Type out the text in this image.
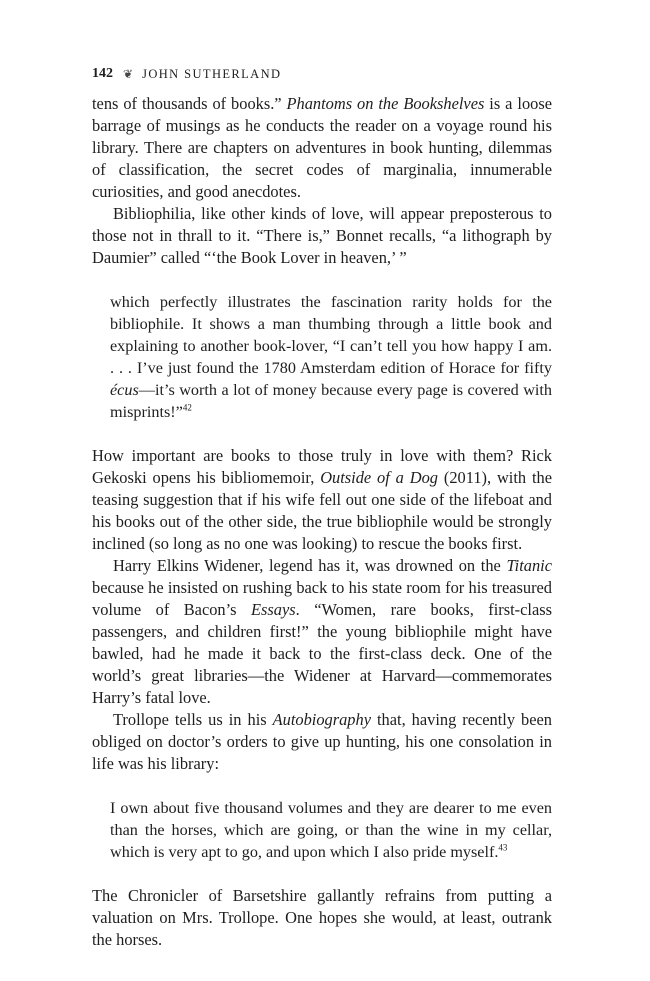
142 ❦ JOHN SUTHERLAND

tens of thousands of books.” Phantoms on the Bookshelves is a loose barrage of musings as he conducts the reader on a voyage round his library. There are chapters on adventures in book hunting, dilemmas of classification, the secret codes of marginalia, innumerable curiosities, and good anecdotes.

Bibliophilia, like other kinds of love, will appear preposterous to those not in thrall to it. “There is,” Bonnet recalls, “a lithograph by Daumier” called “‘the Book Lover in heaven,’ ”

which perfectly illustrates the fascination rarity holds for the bibliophile. It shows a man thumbing through a little book and explaining to another book-lover, “I can’t tell you how happy I am. . . . I’ve just found the 1780 Amsterdam edition of Horace for fifty écus—it’s worth a lot of money because every page is covered with misprints!”$^{42}$

How important are books to those truly in love with them? Rick Gekoski opens his bibliomemoir, Outside of a Dog (2011), with the teasing suggestion that if his wife fell out one side of the lifeboat and his books out of the other side, the true bibliophile would be strongly inclined (so long as no one was looking) to rescue the books first.

Harry Elkins Widener, legend has it, was drowned on the Titanic because he insisted on rushing back to his state room for his treasured volume of Bacon’s Essays. “Women, rare books, first-class passengers, and children first!” the young bibliophile might have bawled, had he made it back to the first-class deck. One of the world’s great libraries—the Widener at Harvard—commemorates Harry’s fatal love.

Trollope tells us in his Autobiography that, having recently been obliged on doctor’s orders to give up hunting, his one consolation in life was his library:

I own about five thousand volumes and they are dearer to me even than the horses, which are going, or than the wine in my cellar, which is very apt to go, and upon which I also pride myself.$^{43}$

The Chronicler of Barsetshire gallantly refrains from putting a valuation on Mrs. Trollope. One hopes she would, at least, outrank the horses.
